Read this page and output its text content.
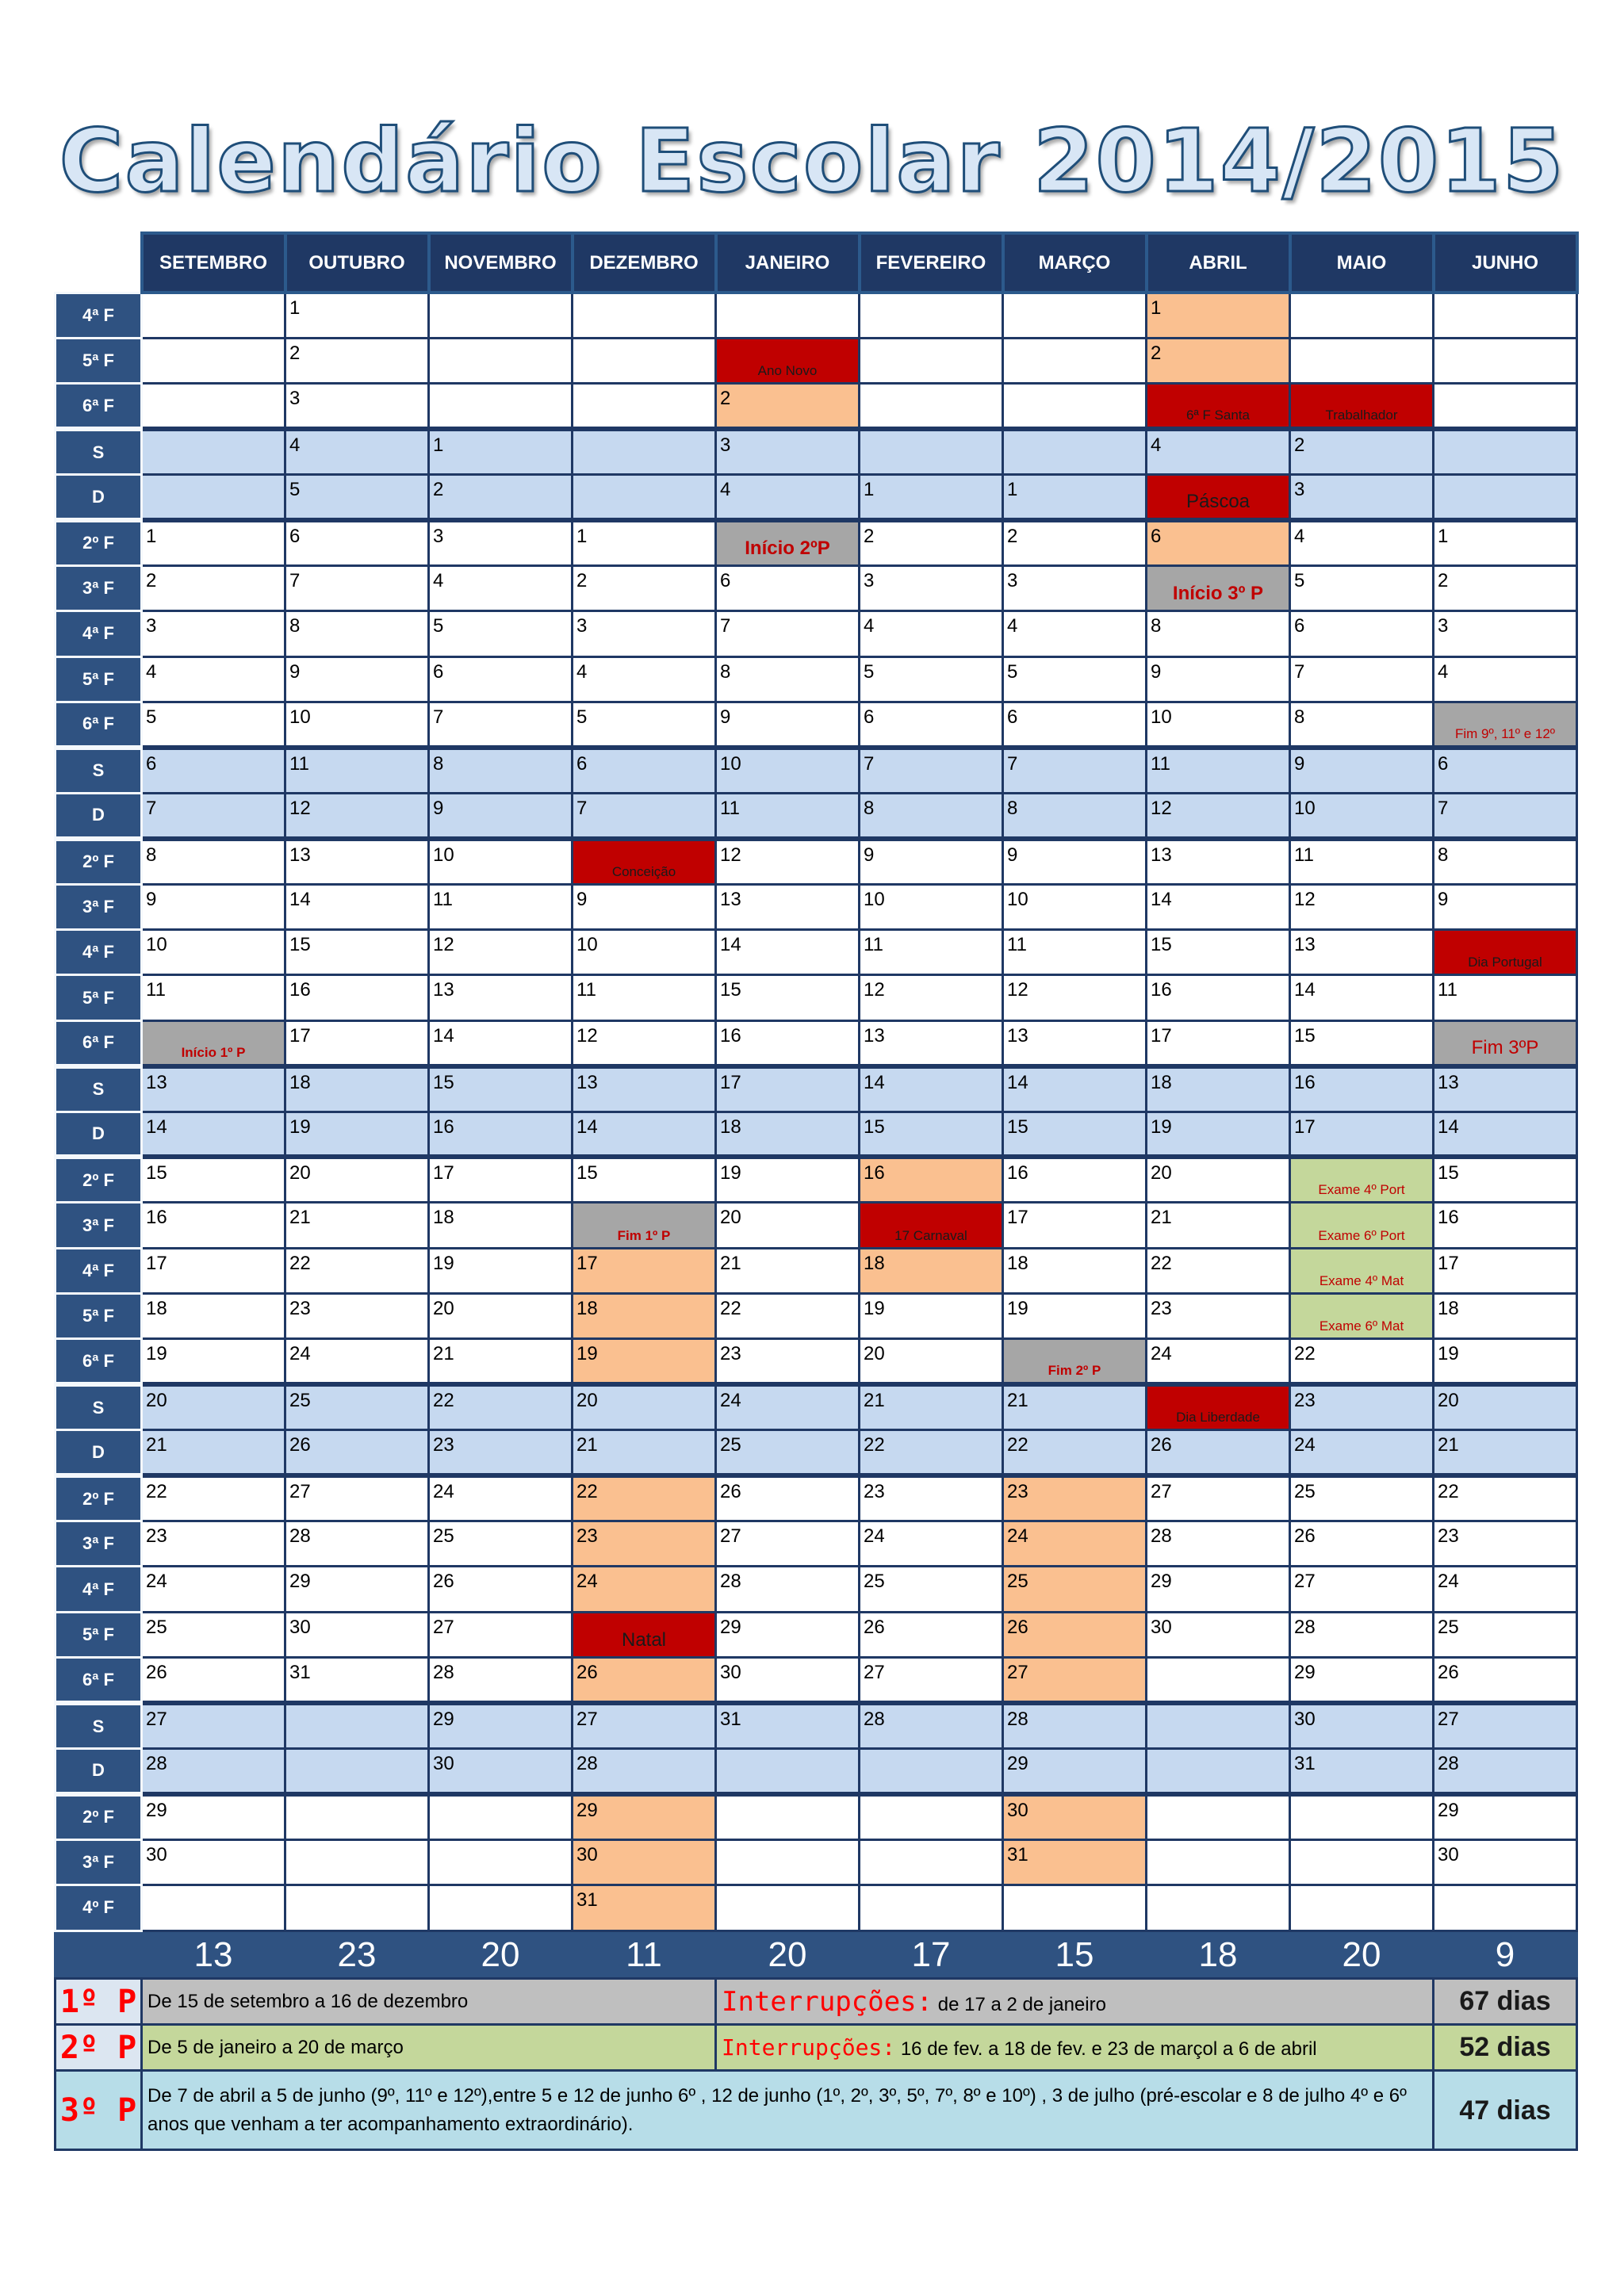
Calendário Escolar 2014/2015
	SETEMBRO	OUTUBRO	NOVEMBRO	DEZEMBRO	JANEIRO	FEVEREIRO	MARÇO	ABRIL	MAIO	JUNHO
4ª F		1						1		
5ª F		2			Ano Novo			2		
6ª F		3			2			6ª F Santa	Trabalhador	

S		4	1		3			4	2	
D		5	2		4	1	1	Páscoa	3	
2º F	1	6	3	1	Início 2ºP	2	2	6	4	1
3ª F	2	7	4	2	6	3	3	Início 3º P	5	2
4ª F	3	8	5	3	7	4	4	8	6	3
5ª F	4	9	6	4	8	5	5	9	7	4
6ª F	5	10	7	5	9	6	6	10	8	Fim 9º, 11º e 12º

S	6	11	8	6	10	7	7	11	9	6
D	7	12	9	7	11	8	8	12	10	7
2º F	8	13	10	Conceição	12	9	9	13	11	8
3ª F	9	14	11	9	13	10	10	14	12	9
4ª F	10	15	12	10	14	11	11	15	13	Dia Portugal

5ª F	11	16	13	11	15	12	12	16	14	11
6ª F	Início 1º P	17	14	12	16	13	13	17	15	Fim 3ºP

S	13	18	15	13	17	14	14	18	16	13
D	14	19	16	14	18	15	15	19	17	14
2º F	15	20	17	15	19	16	16	20	Exame 4º Port	15
3ª F	16	21	18	Fim 1º P	20	17 Carnaval	17	21	Exame 6º Port	16
4ª F	17	22	19	17	21	18	18	22	Exame 4º Mat	17
5ª F	18	23	20	18	22	19	19	23	Exame 6º Mat	18
6ª F	19	24	21	19	23	20	Fim 2º P	24	22	19
S	20	25	22	20	24	21	21	Dia Liberdade	23	20
D	21	26	23	21	25	22	22	26	24	21
2º F	22	27	24	22	26	23	23	27	25	22
3ª F	23	28	25	23	27	24	24	28	26	23
4ª F	24	29	26	24	28	25	25	29	27	24
5ª F	25	30	27	Natal	29	26	26	30	28	25
6ª F	26	31	28	26	30	27	27		29	26
S	27		29	27	31	28	28		30	27
D	28		30	28			29		31	28
2º F	29			29			30			29
3ª F	30			30			31			30
4º F				31						
	13	23	20	11	20	17	15	18	20	9
1º P	De 15 de setembro a 16 de dezembro	Interrupções: de 17 a 2 de janeiro	67 dias
2º P	De 5 de janeiro a 20 de março	Interrupções: 16 de fev. a 18 de fev. e 23 de marçol a 6 de abril	52 dias
3º P	De 7 de abril a 5 de junho (9º, 11º e 12º),entre 5 e 12 de junho 6º , 12 de junho (1º, 2º, 3º, 5º, 7º, 8º e 10º) , 3 de julho (pré-escolar e 8 de julho 4º e 6º anos que venham a ter acompanhamento extraordinário).		47 dias
